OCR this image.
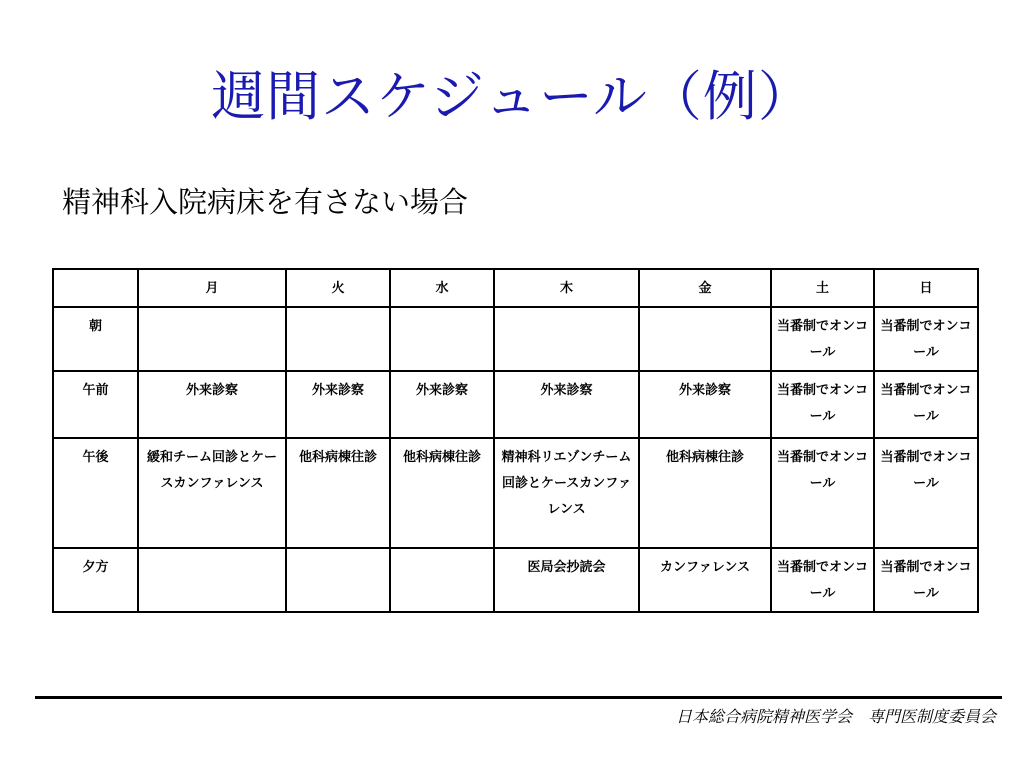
週間スケジュール（例）
精神科入院病床を有さない場合
	月	火	水	木	金	土	日
朝						当番制でオンコール	当番制でオンコール
午前	外来診察	外来診察	外来診察	外来診察	外来診察	当番制でオンコール	当番制でオンコール
午後	緩和チーム回診とケースカンファレンス	他科病棟往診	他科病棟往診	精神科リエゾンチーム回診とケースカンファレンス	他科病棟往診	当番制でオンコール	当番制でオンコール
夕方				医局会抄読会	カンファレンス	当番制でオンコール	当番制でオンコール
日本総合病院精神医学会　専門医制度委員会
